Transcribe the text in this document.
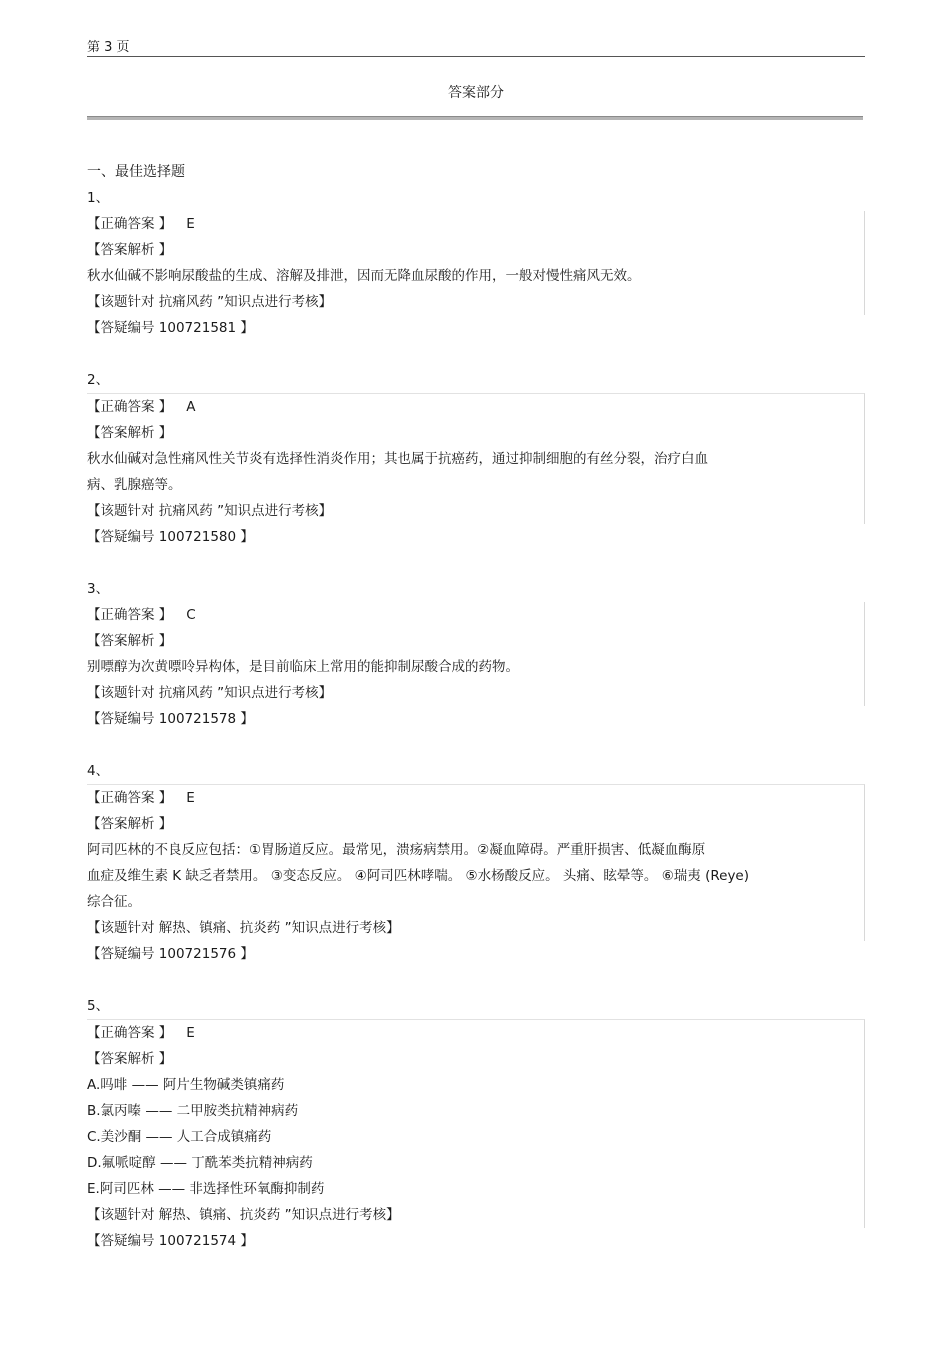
第 3 页
答案部分
一、最佳选择题
1、
【正确答案 】 E
【答案解析 】
秋水仙碱不影响尿酸盐的生成、溶解及排泄，因而无降血尿酸的作用，一般对慢性痛风无效。
【该题针对 抗痛风药 ”知识点进行考核】
【答疑编号 100721581 】
2、
【正确答案 】 A
【答案解析 】
秋水仙碱对急性痛风性关节炎有选择性消炎作用；其也属于抗癌药，通过抑制细胞的有丝分裂，治疗白血
病、乳腺癌等。
【该题针对 抗痛风药 ”知识点进行考核】
【答疑编号 100721580 】
3、
【正确答案 】 C
【答案解析 】
别嘌醇为次黄嘌呤异构体，是目前临床上常用的能抑制尿酸合成的药物。
【该题针对 抗痛风药 ”知识点进行考核】
【答疑编号 100721578 】
4、
【正确答案 】 E
【答案解析 】
阿司匹林的不良反应包括：①胃肠道反应。最常见，溃疡病禁用。②凝血障碍。严重肝损害、低凝血酶原
血症及维生素 K 缺乏者禁用。 ③变态反应。 ④阿司匹林哮喘。 ⑤水杨酸反应。 头痛、眩晕等。 ⑥瑞夷 (Reye)
综合征。
【该题针对 解热、镇痛、抗炎药 ”知识点进行考核】
【答疑编号 100721576 】
5、
【正确答案 】 E
【答案解析 】
A.吗啡 —— 阿片生物碱类镇痛药
B.氯丙嗪 —— 二甲胺类抗精神病药
C.美沙酮 —— 人工合成镇痛药
D.氟哌啶醇 —— 丁酰苯类抗精神病药
E.阿司匹林 —— 非选择性环氧酶抑制药
【该题针对 解热、镇痛、抗炎药 ”知识点进行考核】
【答疑编号 100721574 】
